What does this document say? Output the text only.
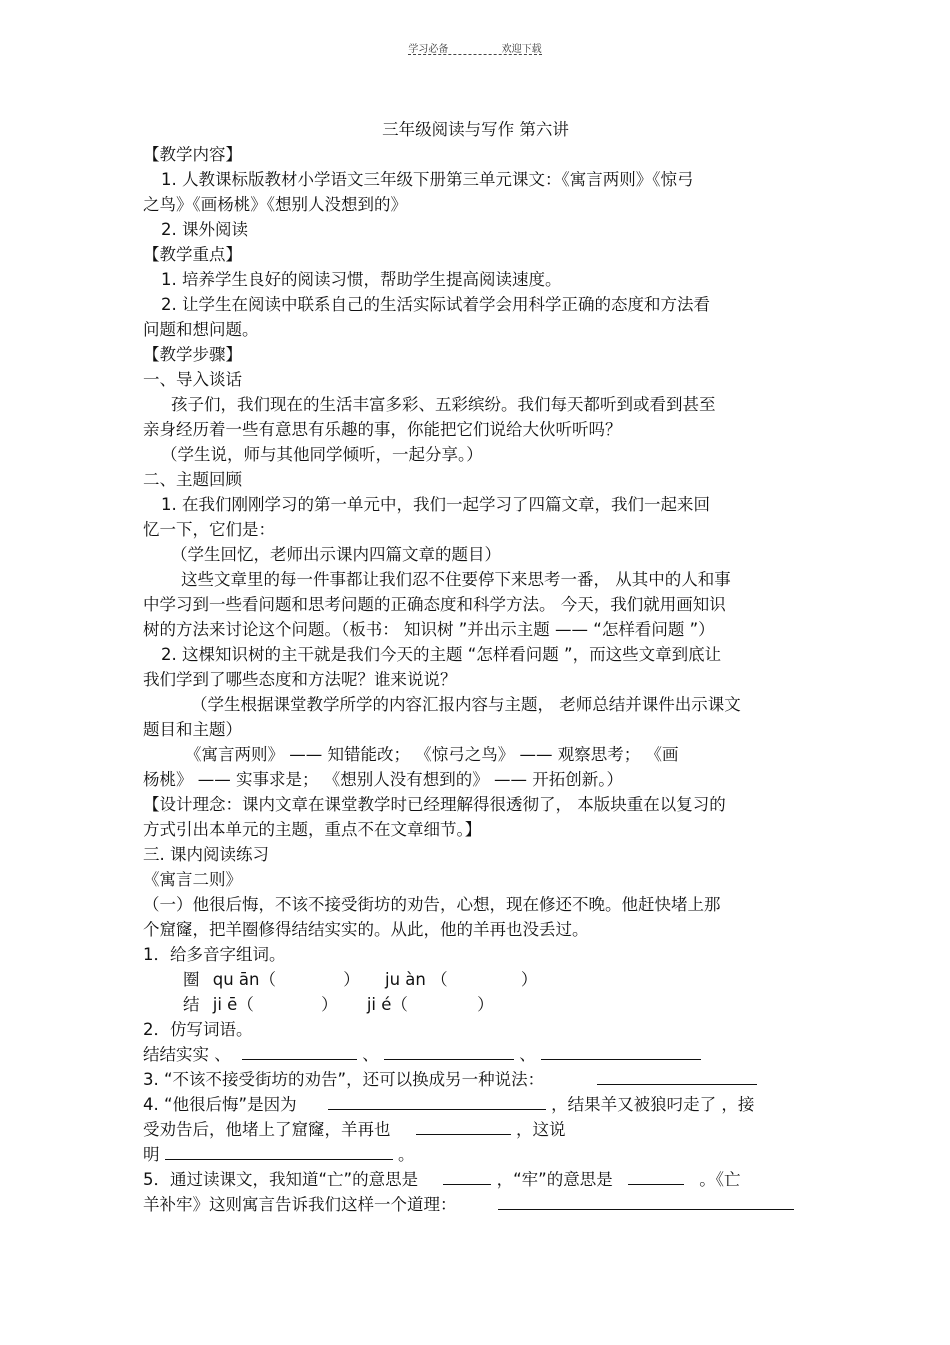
学习必备	欢迎下载

三年级阅读与写作 第六讲

【教学内容】

1. 人教课标版教材小学语文三年级下册第三单元课文：《寓言两则》《惊弓

之鸟》《画杨桃》《想别人没想到的》

2. 课外阅读

【教学重点】

1. 培养学生良好的阅读习惯，帮助学生提高阅读速度。

2. 让学生在阅读中联系自己的生活实际试着学会用科学正确的态度和方法看

问题和想问题。

【教学步骤】

一、导入谈话

孩子们，我们现在的生活丰富多彩、五彩缤纷。我们每天都听到或看到甚至

亲身经历着一些有意思有乐趣的事，你能把它们说给大伙听听吗？

（学生说，师与其他同学倾听，一起分享。）

二、主题回顾

1. 在我们刚刚学习的第一单元中，我们一起学习了四篇文章，我们一起来回

忆一下，它们是：

（学生回忆，老师出示课内四篇文章的题目）

这些文章里的每一件事都让我们忍不住要停下来思考一番， 从其中的人和事

中学习到一些看问题和思考问题的正确态度和科学方法。 今天，我们就用画知识

树的方法来讨论这个问题。（板书： 知识树 ”并出示主题 —— “怎样看问题 ”）

2. 这棵知识树的主干就是我们今天的主题 “怎样看问题 ”，而这些文章到底让

我们学到了哪些态度和方法呢？谁来说说？

（学生根据课堂教学所学的内容汇报内容与主题， 老师总结并课件出示课文

题目和主题）

《寓言两则》 —— 知错能改； 《惊弓之鸟》 —— 观察思考； 《画

杨桃》 —— 实事求是； 《想别人没有想到的》 —— 开拓创新。）

【设计理念：课内文章在课堂教学时已经理解得很透彻了， 本版块重在以复习的

方式引出本单元的主题，重点不在文章细节。】

三. 课内阅读练习

《寓言二则》

（一）他很后悔，不该不接受街坊的劝告，心想，现在修还不晚。他赶快堵上那

个窟窿，把羊圈修得结结实实的。从此，他的羊再也没丢过。

1．给多音字组词。

圈 qu ān（	） ju àn （	）

结 ji ē（	） ji é（	）

2．仿写词语。

结结实实 、	、	、

3. “不该不接受街坊的劝告”，还可以换成另一种说法：

4. “他很后悔”是因为	，结果羊又被狼叼走了 ，接

受劝告后，他堵上了窟窿，羊再也	，这说

明	。

5．通过读课文，我知道“亡”的意思是	，“牢”的意思是	。《亡

羊补牢》这则寓言告诉我们这样一个道理：
